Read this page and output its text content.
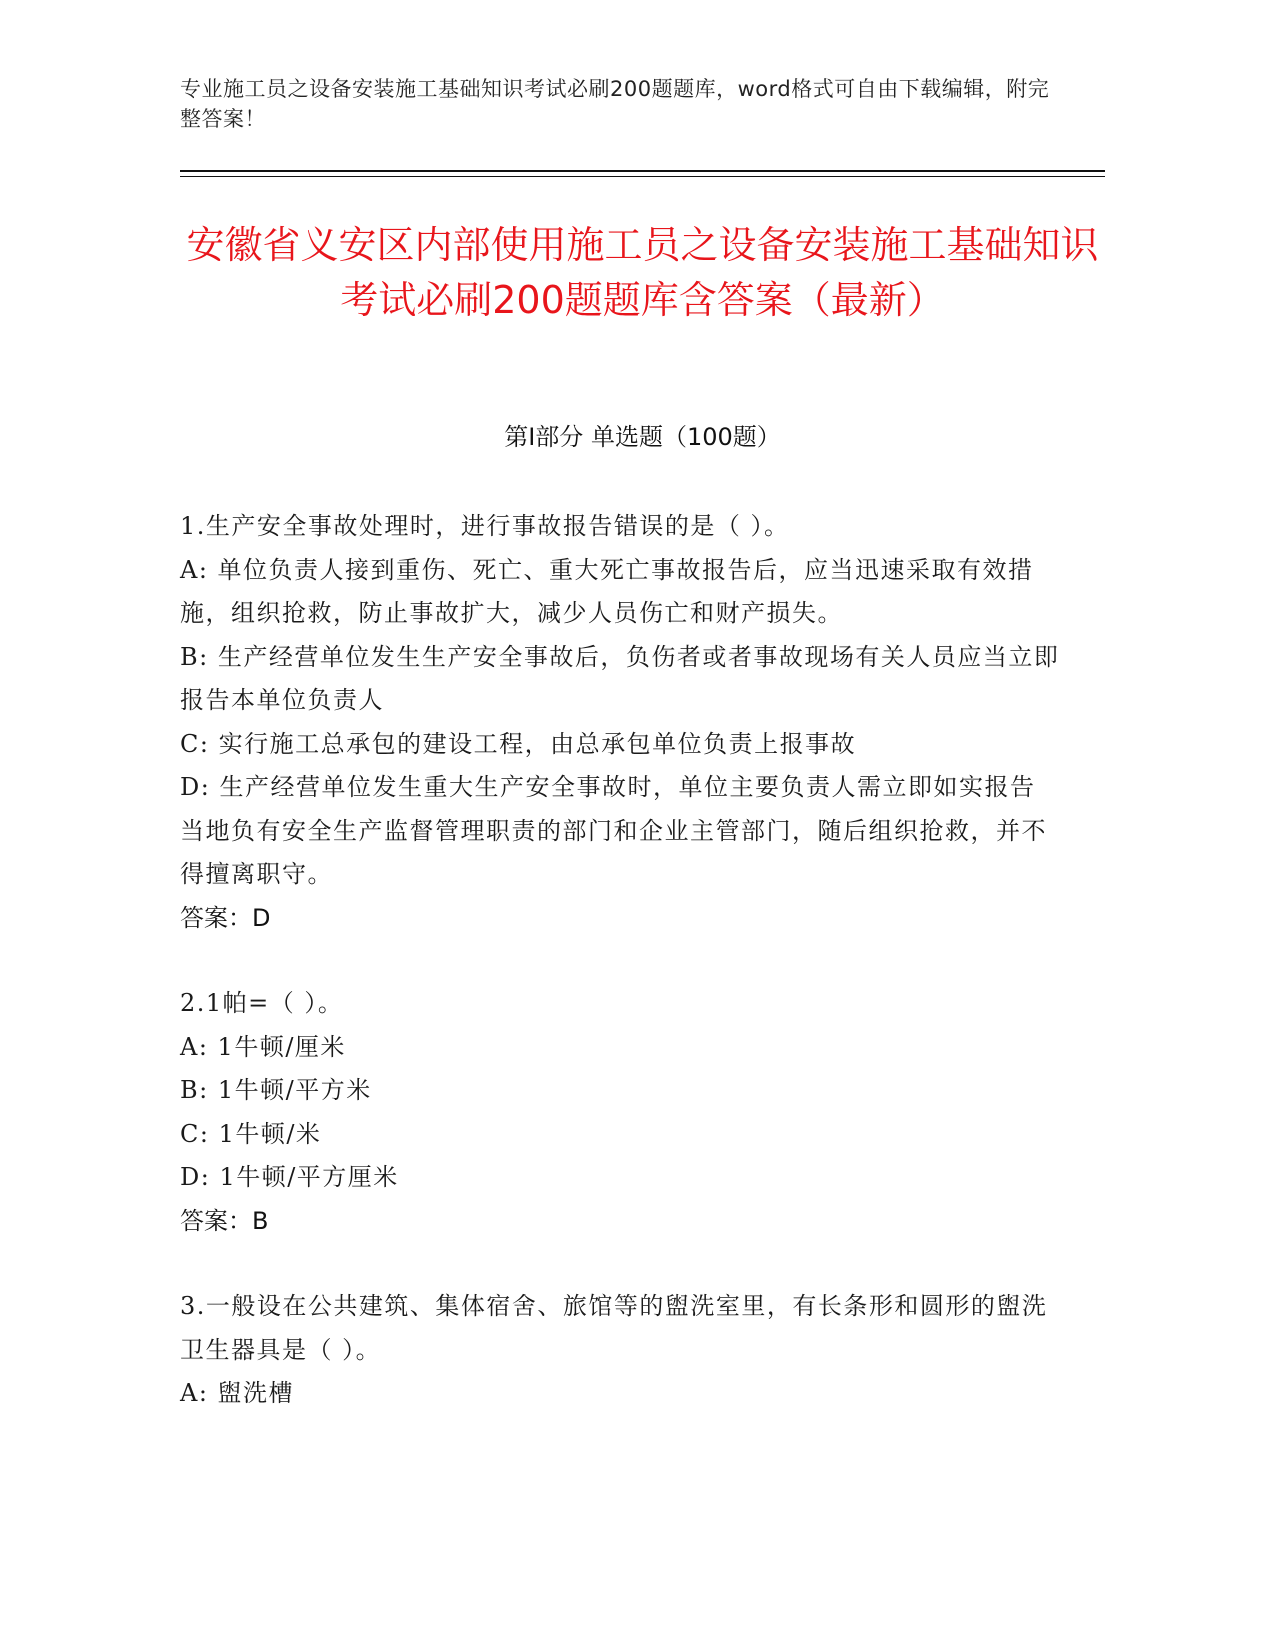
专业施工员之设备安装施工基础知识考试必刷200题题库，word格式可自由下载编辑，附完整答案！
安徽省义安区内部使用施工员之设备安装施工基础知识考试必刷200题题库含答案（最新）
第I部分 单选题（100题）
1.生产安全事故处理时，进行事故报告错误的是（ ）。
A: 单位负责人接到重伤、死亡、重大死亡事故报告后，应当迅速采取有效措施，组织抢救，防止事故扩大，减少人员伤亡和财产损失。
B: 生产经营单位发生生产安全事故后，负伤者或者事故现场有关人员应当立即报告本单位负责人
C: 实行施工总承包的建设工程，由总承包单位负责上报事故
D: 生产经营单位发生重大生产安全事故时，单位主要负责人需立即如实报告当地负有安全生产监督管理职责的部门和企业主管部门，随后组织抢救，并不得擅离职守。
答案：D
2.1帕=（ ）。
A: 1牛顿/厘米
B: 1牛顿/平方米
C: 1牛顿/米
D: 1牛顿/平方厘米
答案：B
3.一般设在公共建筑、集体宿舍、旅馆等的盥洗室里，有长条形和圆形的盥洗卫生器具是（ ）。
A: 盥洗槽
